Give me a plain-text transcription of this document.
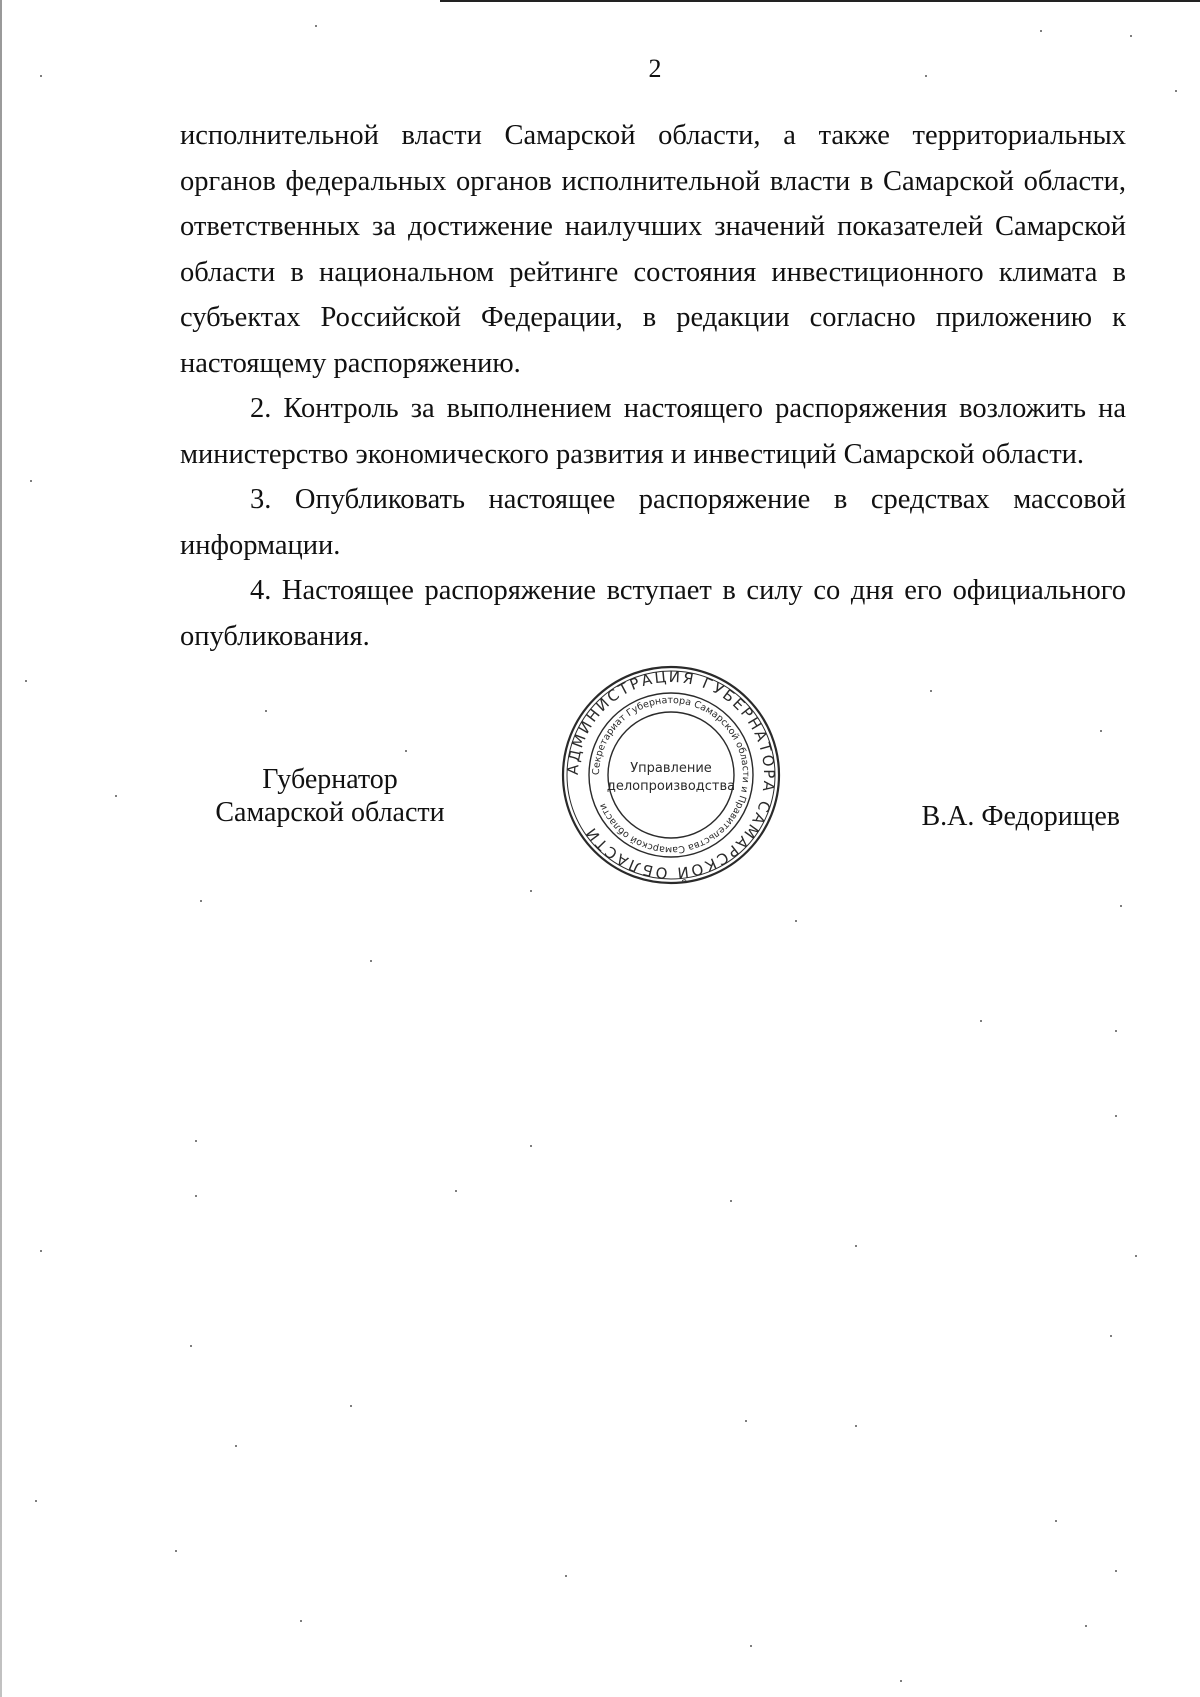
2

исполнительной власти Самарской области, а также территориальных органов федеральных органов исполнительной власти в Самарской области, ответственных за достижение наилучших значений показателей Самарской области в национальном рейтинге состояния инвестиционного климата в субъектах Российской Федерации, в редакции согласно приложению к настоящему распоряжению.

2. Контроль за выполнением настоящего распоряжения возложить на министерство экономического развития и инвестиций Самарской области.

3. Опубликовать настоящее распоряжение в средствах массовой информации.

4. Настоящее распоряжение вступает в силу со дня его официального опубликования.

Губернатор
Самарской области
АДМИНИСТРАЦИЯ ГУБЕРНАТОРА САМАРСКОЙ ОБЛАСТИ
Секретариат Губернатора Самарской области и Правительства Самарской области
Управление
делопроизводства
В.А. Федорищев
